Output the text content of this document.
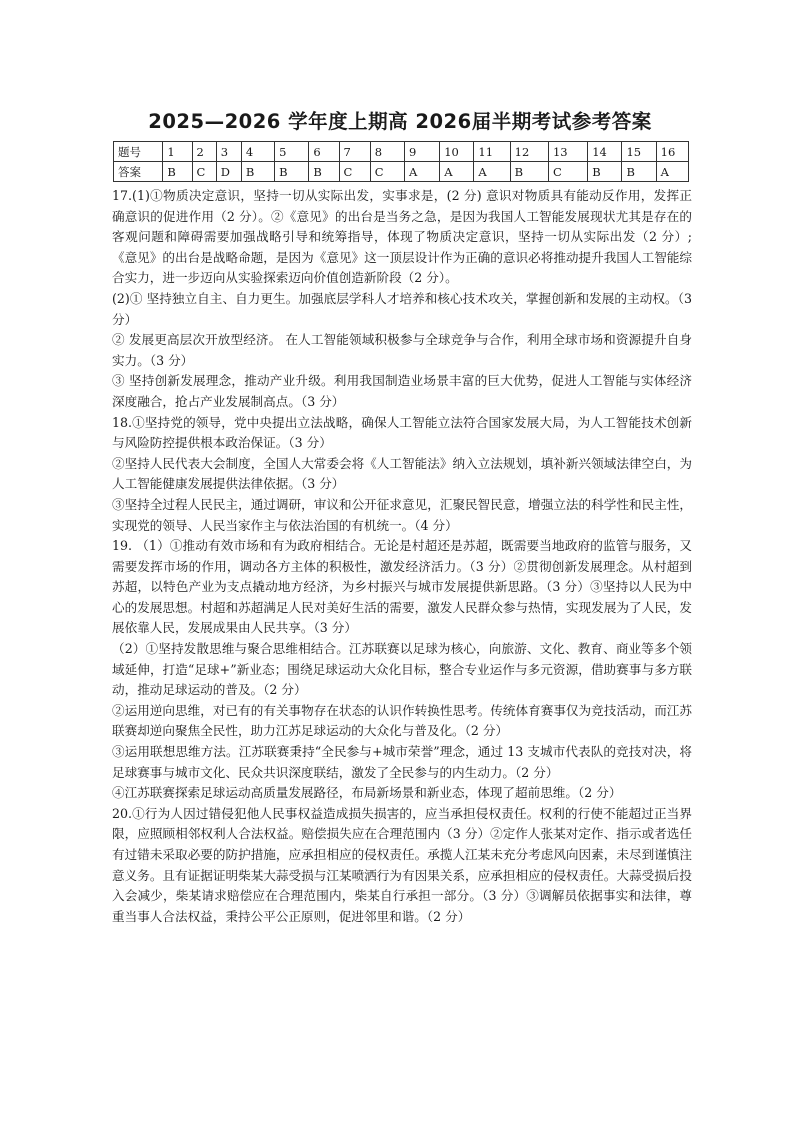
2025—2026 学年度上期高 2026届半期考试参考答案
题号	1	2	3	4	5	6	7	8	9	10	11	12	13	14	15	16
答案	B	C	D	B	B	B	C	C	A	A	A	B	C	B	B	A

17.(1)①物质决定意识，坚持一切从实际出发，实事求是，(2 分) 意识对物质具有能动反作用，发挥正确意识的促进作用（2 分）。②《意见》的出台是当务之急，是因为我国人工智能发展现状尤其是存在的客观问题和障碍需要加强战略引导和统筹指导，体现了物质决定意识，坚持一切从实际出发（2 分）;《意见》的出台是战略命题，是因为《意见》这一顶层设计作为正确的意识必将推动提升我国人工智能综合实力，进一步迈向从实验探索迈向价值创造新阶段（2 分）。

(2)① 坚持独立自主、自力更生。加强底层学科人才培养和核心技术攻关，掌握创新和发展的主动权。（3 分）

② 发展更高层次开放型经济。 在人工智能领域积极参与全球竞争与合作，利用全球市场和资源提升自身实力。（3 分）

③ 坚持创新发展理念，推动产业升级。利用我国制造业场景丰富的巨大优势，促进人工智能与实体经济深度融合，抢占产业发展制高点。（3 分）

18.①坚持党的领导，党中央提出立法战略，确保人工智能立法符合国家发展大局，为人工智能技术创新与风险防控提供根本政治保证。（3 分）

②坚持人民代表大会制度，全国人大常委会将《人工智能法》纳入立法规划，填补新兴领域法律空白，为人工智能健康发展提供法律依据。（3 分）

③坚持全过程人民民主，通过调研，审议和公开征求意见，汇聚民智民意，增强立法的科学性和民主性，实现党的领导、人民当家作主与依法治国的有机统一。（4 分）

19. （1）①推动有效市场和有为政府相结合。无论是村超还是苏超，既需要当地政府的监管与服务，又需要发挥市场的作用，调动各方主体的积极性，激发经济活力。（3 分）②贯彻创新发展理念。从村超到苏超，以特色产业为支点撬动地方经济，为乡村振兴与城市发展提供新思路。（3 分）③坚持以人民为中心的发展思想。村超和苏超满足人民对美好生活的需要，激发人民群众参与热情，实现发展为了人民，发展依靠人民，发展成果由人民共享。（3 分）

（2）①坚持发散思维与聚合思维相结合。江苏联赛以足球为核心，向旅游、文化、教育、商业等多个领域延伸，打造“足球+”新业态；围绕足球运动大众化目标，整合专业运作与多元资源，借助赛事与多方联动，推动足球运动的普及。（2 分）

②运用逆向思维，对已有的有关事物存在状态的认识作转换性思考。传统体育赛事仅为竞技活动，而江苏联赛却逆向聚焦全民性，助力江苏足球运动的大众化与普及化。（2 分）

③运用联想思维方法。江苏联赛秉持“全民参与+城市荣誉”理念，通过 13 支城市代表队的竞技对决，将足球赛事与城市文化、民众共识深度联结，激发了全民参与的内生动力。（2 分）

④江苏联赛探索足球运动高质量发展路径，布局新场景和新业态，体现了超前思维。（2 分）

20.①行为人因过错侵犯他人民事权益造成损失损害的，应当承担侵权责任。权利的行使不能超过正当界限，应照顾相邻权利人合法权益。赔偿损失应在合理范围内（3 分）②定作人张某对定作、指示或者选任有过错未采取必要的防护措施，应承担相应的侵权责任。承揽人江某未充分考虑风向因素，未尽到谨慎注意义务。且有证据证明柴某大蒜受损与江某喷洒行为有因果关系，应承担相应的侵权责任。大蒜受损后投入会减少，柴某请求赔偿应在合理范围内，柴某自行承担一部分。（3 分）③调解员依据事实和法律，尊重当事人合法权益，秉持公平公正原则，促进邻里和谐。（2 分）
